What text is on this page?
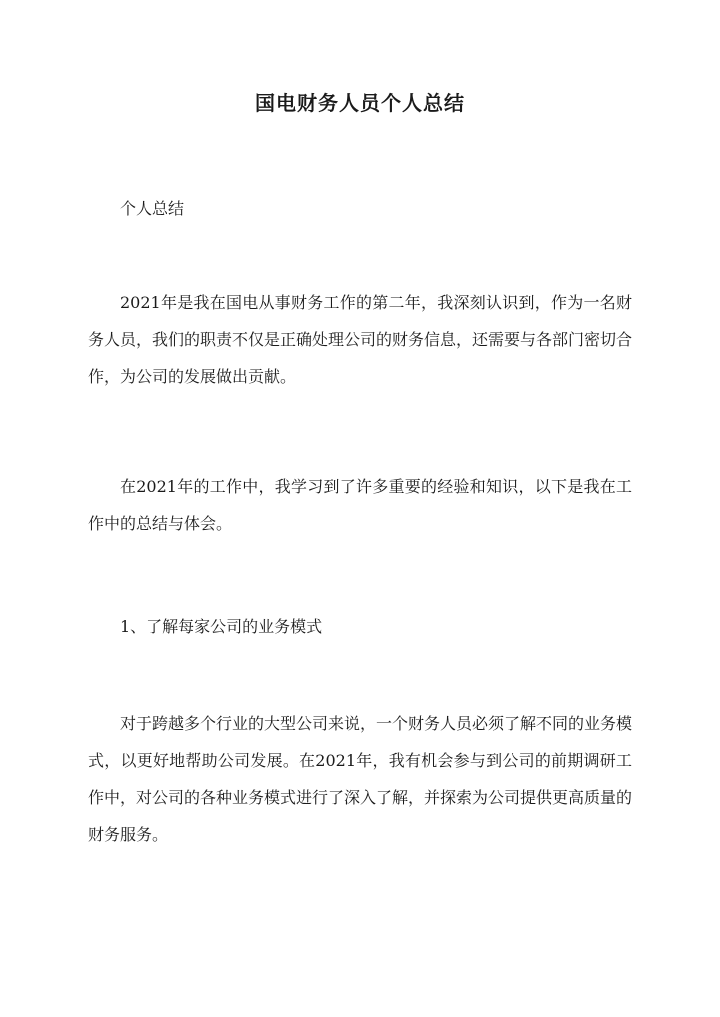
国电财务人员个人总结

个人总结

2021年是我在国电从事财务工作的第二年，我深刻认识到，作为一名财务人员，我们的职责不仅是正确处理公司的财务信息，还需要与各部门密切合作，为公司的发展做出贡献。

在2021年的工作中，我学习到了许多重要的经验和知识，以下是我在工作中的总结与体会。

1、了解每家公司的业务模式

对于跨越多个行业的大型公司来说，一个财务人员必须了解不同的业务模式，以更好地帮助公司发展。在2021年，我有机会参与到公司的前期调研工作中，对公司的各种业务模式进行了深入了解，并探索为公司提供更高质量的财务服务。
